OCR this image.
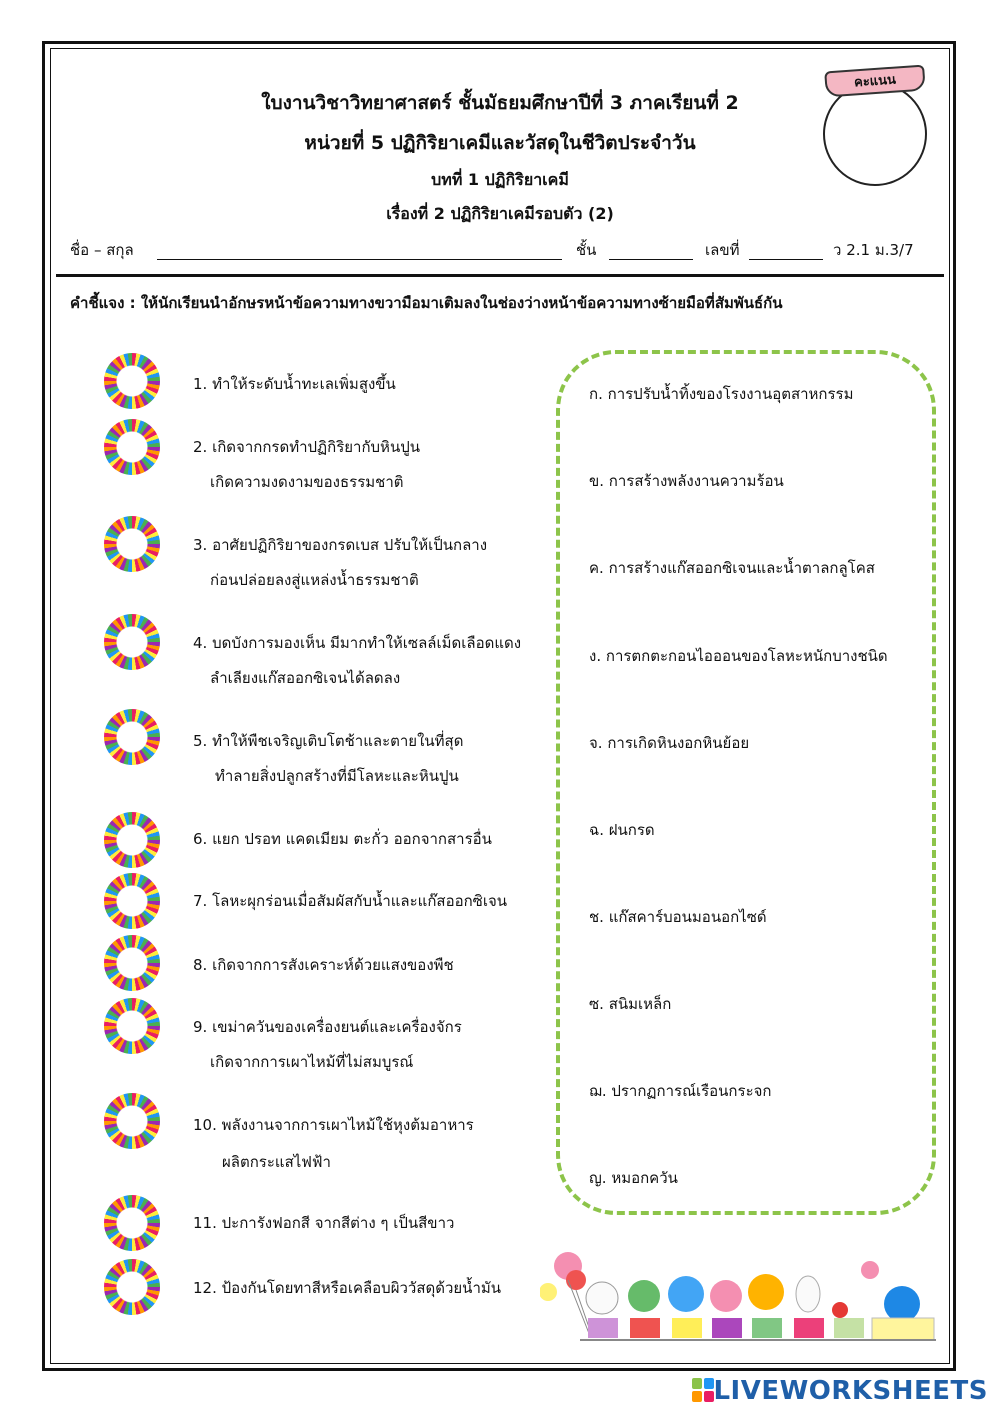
ใบงานวิชาวิทยาศาสตร์ ชั้นมัธยมศึกษาปีที่ 3 ภาคเรียนที่ 2
หน่วยที่ 5 ปฏิกิริยาเคมีและวัสดุในชีวิตประจำวัน
บทที่ 1 ปฏิกิริยาเคมี
เรื่องที่ 2 ปฏิกิริยาเคมีรอบตัว (2)
คะแนน
ชื่อ – สกุล	ชั้น	เลขที่	ว 2.1 ม.3/7
คำชี้แจง : ให้นักเรียนนำอักษรหน้าข้อความทางขวามือมาเติมลงในช่องว่างหน้าข้อความทางซ้ายมือที่สัมพันธ์กัน
1. ทำให้ระดับน้ำทะเลเพิ่มสูงขึ้น
2. เกิดจากกรดทำปฏิกิริยากับหินปูน
เกิดความงดงามของธรรมชาติ
3. อาศัยปฏิกิริยาของกรดเบส ปรับให้เป็นกลาง
ก่อนปล่อยลงสู่แหล่งน้ำธรรมชาติ
4. บดบังการมองเห็น มีมากทำให้เซลล์เม็ดเลือดแดง
ลำเลียงแก๊สออกซิเจนได้ลดลง
5. ทำให้พืชเจริญเติบโตช้าและตายในที่สุด
ทำลายสิ่งปลูกสร้างที่มีโลหะและหินปูน
6. แยก ปรอท แคดเมียม ตะกั่ว ออกจากสารอื่น
7. โลหะผุกร่อนเมื่อสัมผัสกับน้ำและแก๊สออกซิเจน
8. เกิดจากการสังเคราะห์ด้วยแสงของพืช
9. เขม่าควันของเครื่องยนต์และเครื่องจักร
เกิดจากการเผาไหม้ที่ไม่สมบูรณ์
10. พลังงานจากการเผาไหม้ใช้หุงต้มอาหาร
ผลิตกระแสไฟฟ้า
11. ปะการังฟอกสี จากสีต่าง ๆ เป็นสีขาว
12. ป้องกันโดยทาสีหรือเคลือบผิววัสดุด้วยน้ำมัน
ก. การปรับน้ำทิ้งของโรงงานอุตสาหกรรม
ข. การสร้างพลังงานความร้อน
ค. การสร้างแก๊สออกซิเจนและน้ำตาลกลูโคส
ง. การตกตะกอนไอออนของโลหะหนักบางชนิด
จ. การเกิดหินงอกหินย้อย
ฉ. ฝนกรด
ช. แก๊สคาร์บอนมอนอกไซด์
ซ. สนิมเหล็ก
ฌ. ปรากฏการณ์เรือนกระจก
ญ. หมอกควัน
LIVEWORKSHEETS
